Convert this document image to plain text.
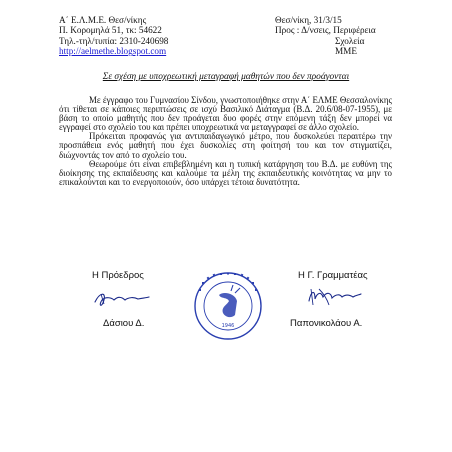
Α΄ Ε.Λ.Μ.Ε. Θεσ/νίκης
Π. Κορομηλά 51, τκ: 54622
Τηλ.-τηλ/τυπία: 2310-240698
http://aelmethe.blogspot.com
Θεσ/νίκη, 31/3/15
Προς : Δ/νσεις, Περιφέρεια
Σχολεία
ΜΜΕ
Σε σχέση με υποχρεωτική μεταγραφή μαθητών που δεν προάγονται

Με έγγραφο του Γυμνασίου Σίνδου, γνωστοποιήθηκε στην Α΄ ΕΛΜΕ Θεσσαλονίκης ότι τίθεται σε κάποιες περιπτώσεις σε ισχύ Βασιλικό Διάταγμα (Β.Δ. 20.6/08-07-1955), με βάση το οποίο μαθητής που δεν προάγεται δυο φορές στην επόμενη τάξη δεν μπορεί να εγγραφεί στο σχολείο του και πρέπει υποχρεωτικά να μεταγγραφεί σε άλλο σχολείο.

Πρόκειται προφανώς για αντιπαιδαγωγικό μέτρο, που δυσκολεύει περαιτέρω την προσπάθεια ενός μαθητή που έχει δυσκολίες στη φοίτησή του και τον στιγματίζει, διώχνοντάς τον από το σχολείο του.

Θεωρούμε ότι είναι επιβεβλημένη και η τυπική κατάργηση του Β.Δ. με ευθύνη της διοίκησης της εκπαίδευσης και καλούμε τα μέλη της εκπαιδευτικής κοινότητας να μην το επικαλούνται και το ενεργοποιούν, όσο υπάρχει τέτοια δυνατότητα.

Η Πρόεδρος
Δάσιου Δ.	1946
Η Γ. Γραμματέας
Παπονικολάου Α.
